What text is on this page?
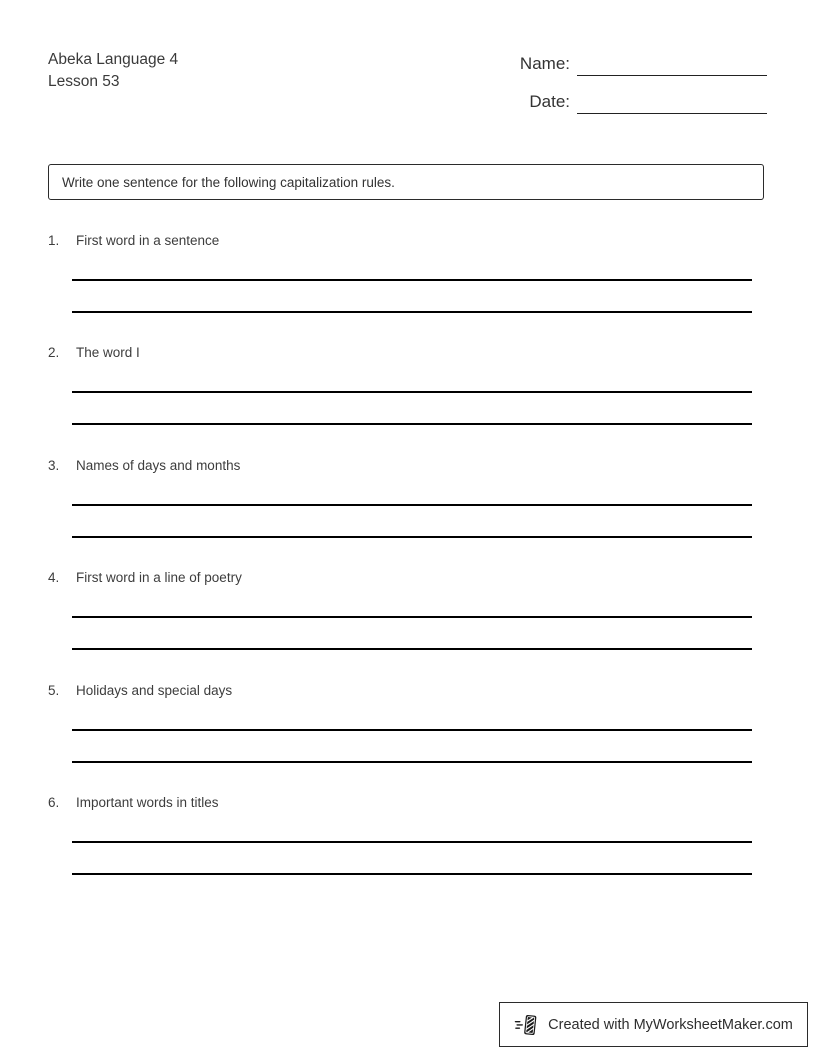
Abeka Language 4
Lesson 53
Name:
Date:
Write one sentence for the following capitalization rules.
1.	First word in a sentence
2.	The word I
3.	Names of days and months
4.	First word in a line of poetry
5.	Holidays and special days
6.	Important words in titles
Created with MyWorksheetMaker.com
